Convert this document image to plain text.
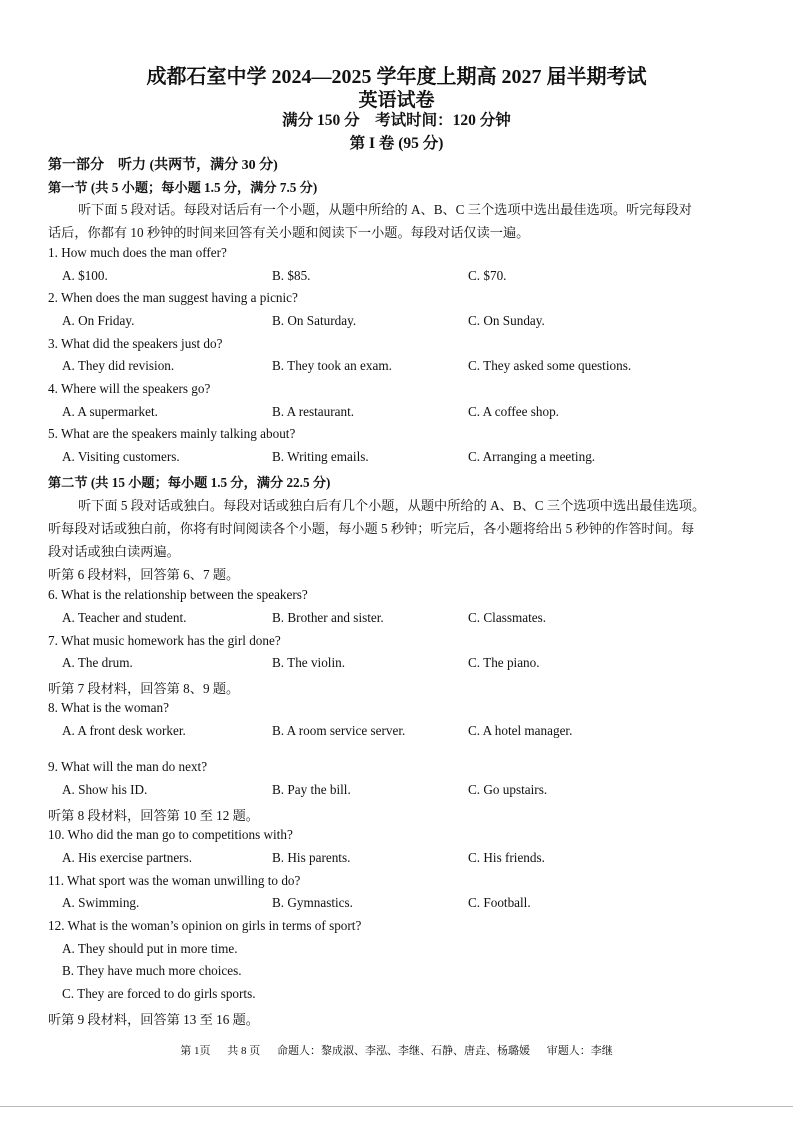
成都石室中学 2024—2025 学年度上期高 2027 届半期考试
英语试卷
满分 150 分　考试时间：120 分钟
第 I 卷 (95 分)
第一部分　听力 (共两节，满分 30 分)
第一节 (共 5 小题；每小题 1.5 分，满分 7.5 分)
听下面 5 段对话。每段对话后有一个小题，从题中所给的 A、B、C 三个选项中选出最佳选项。听完每段对
话后，你都有 10 秒钟的时间来回答有关小题和阅读下一小题。每段对话仅读一遍。
1. How much does the man offer?
A. $100.	B. $85.	C. $70.
2. When does the man suggest having a picnic?
A. On Friday.	B. On Saturday.	C. On Sunday.
3. What did the speakers just do?
A. They did revision.	B. They took an exam.	C. They asked some questions.
4. Where will the speakers go?
A. A supermarket.	B. A restaurant.	C. A coffee shop.
5. What are the speakers mainly talking about?
A. Visiting customers.	B. Writing emails.	C. Arranging a meeting.
第二节 (共 15 小题；每小题 1.5 分，满分 22.5 分)
听下面 5 段对话或独白。每段对话或独白后有几个小题，从题中所给的 A、B、C 三个选项中选出最佳选项。
听每段对话或独白前，你将有时间阅读各个小题，每小题 5 秒钟；听完后，各小题将给出 5 秒钟的作答时间。每
段对话或独白读两遍。
听第 6 段材料，回答第 6、7 题。
6. What is the relationship between the speakers?
A. Teacher and student.	B. Brother and sister.	C. Classmates.
7. What music homework has the girl done?
A. The drum.	B. The violin.	C. The piano.
听第 7 段材料，回答第 8、9 题。
8. What is the woman?
A. A front desk worker.	B. A room service server.	C. A hotel manager.
9. What will the man do next?
A. Show his ID.	B. Pay the bill.	C. Go upstairs.
听第 8 段材料，回答第 10 至 12 题。
10. Who did the man go to competitions with?
A. His exercise partners.	B. His parents.	C. His friends.
11. What sport was the woman unwilling to do?
A. Swimming.	B. Gymnastics.	C. Football.
12. What is the woman’s opinion on girls in terms of sport?
A. They should put in more time.
B. They have much more choices.
C. They are forced to do girls sports.
听第 9 段材料，回答第 13 至 16 题。
第 1页 共 8 页 命题人：黎成淑、李泓、李继、石静、唐垚、杨璐媛 审题人：李继
